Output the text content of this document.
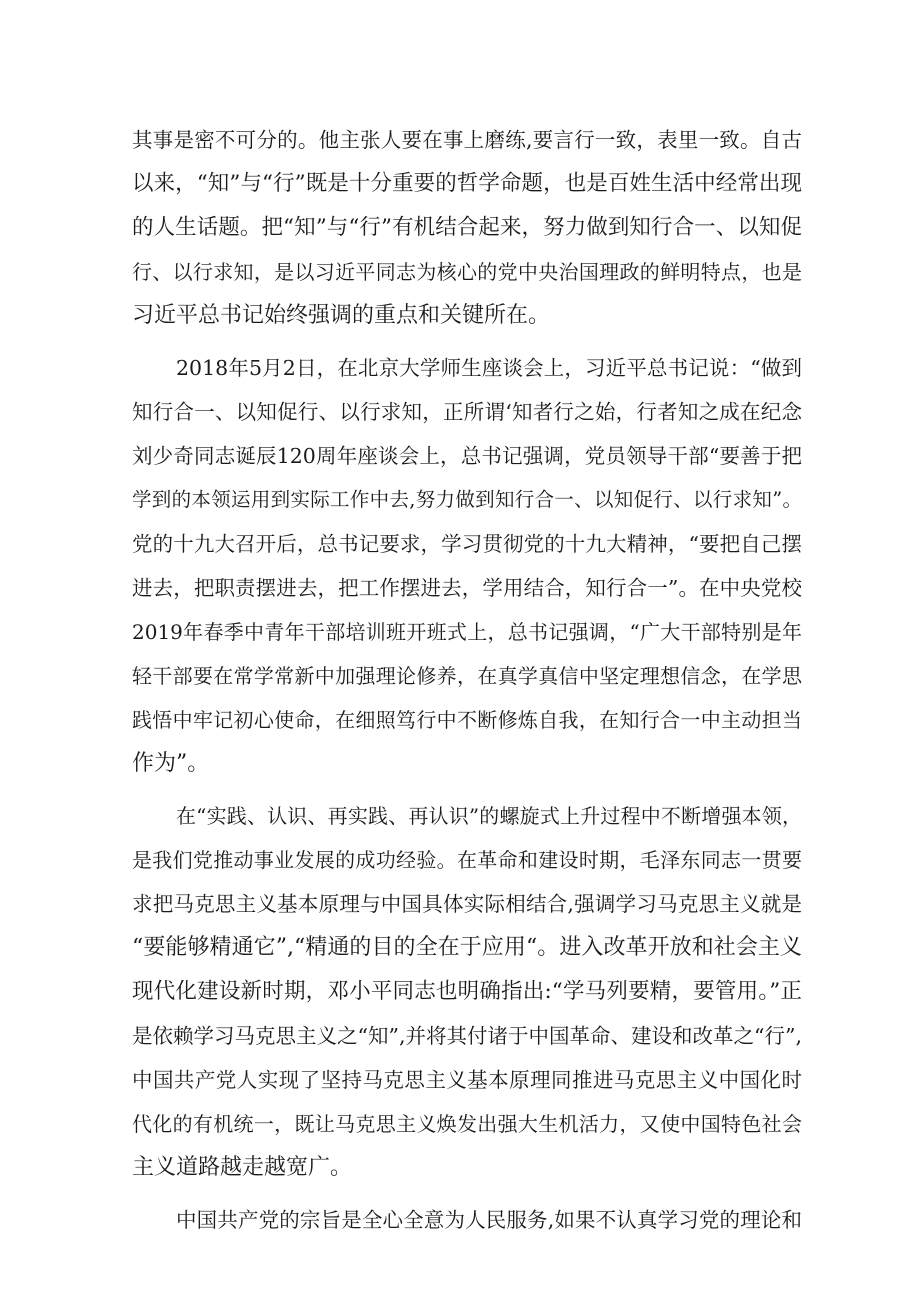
其事是密不可分的。他主张人要在事上磨练,要言行一致，表里一致。自古
以来，“知”与“行”既是十分重要的哲学命题，也是百姓生活中经常出现
的人生话题。把“知”与“行”有机结合起来，努力做到知行合一、以知促
行、以行求知，是以习近平同志为核心的党中央治国理政的鲜明特点，也是
习近平总书记始终强调的重点和关键所在。
2018年5月2日，在北京大学师生座谈会上，习近平总书记说：“做到
知行合一、以知促行、以行求知，正所谓‘知者行之始，行者知之成在纪念
刘少奇同志诞辰120周年座谈会上，总书记强调，党员领导干部“要善于把
学到的本领运用到实际工作中去,努力做到知行合一、以知促行、以行求知”。
党的十九大召开后，总书记要求，学习贯彻党的十九大精神，“要把自己摆
进去，把职责摆进去，把工作摆进去，学用结合，知行合一”。在中央党校
2019年春季中青年干部培训班开班式上，总书记强调，“广大干部特别是年
轻干部要在常学常新中加强理论修养，在真学真信中坚定理想信念，在学思
践悟中牢记初心使命，在细照笃行中不断修炼自我，在知行合一中主动担当
作为”。
在“实践、认识、再实践、再认识”的螺旋式上升过程中不断增强本领，
是我们党推动事业发展的成功经验。在革命和建设时期，毛泽东同志一贯要
求把马克思主义基本原理与中国具体实际相结合,强调学习马克思主义就是
“要能够精通它”,“精通的目的全在于应用“。进入改革开放和社会主义
现代化建设新时期，邓小平同志也明确指出:“学马列要精，要管用。”正
是依赖学习马克思主义之“知”,并将其付诸于中国革命、建设和改革之“行”,
中国共产党人实现了坚持马克思主义基本原理同推进马克思主义中国化时
代化的有机统一，既让马克思主义焕发出强大生机活力，又使中国特色社会
主义道路越走越宽广。
中国共产党的宗旨是全心全意为人民服务,如果不认真学习党的理论和
